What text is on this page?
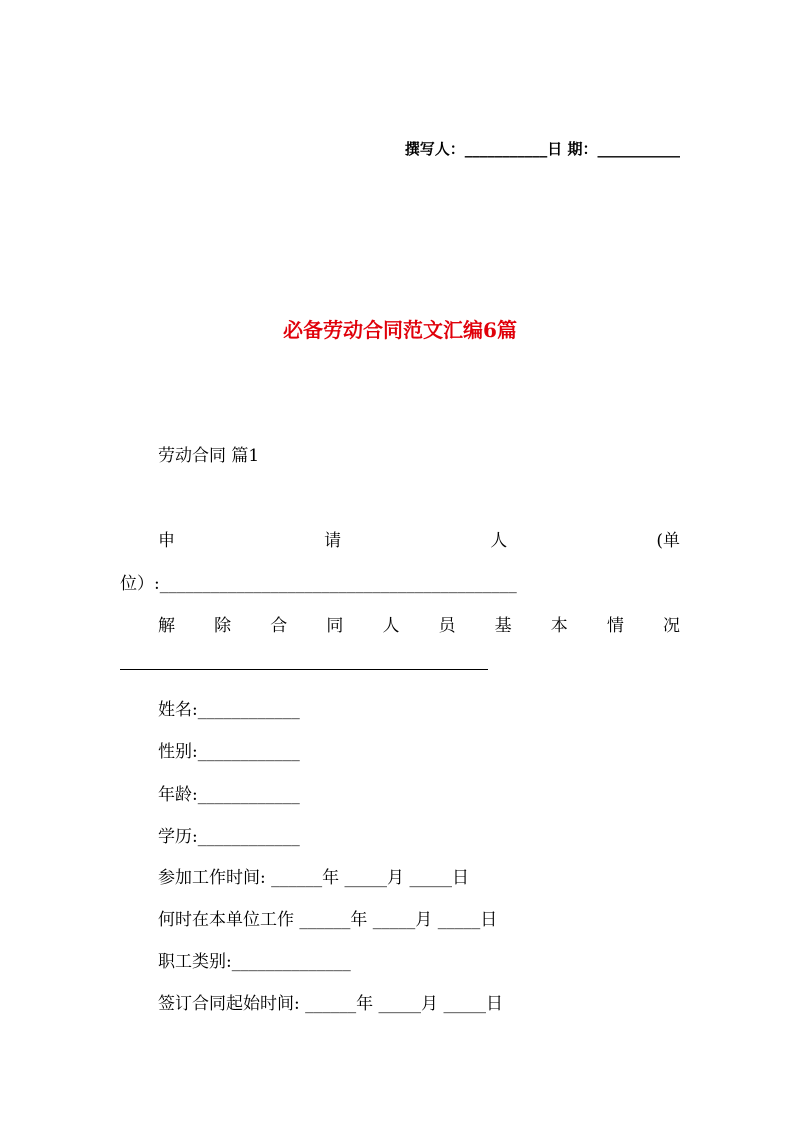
撰写人：___________日 期：___________
必备劳动合同范文汇编6篇
劳动合同 篇1
申	请	人	(单
位）:__________________________________________
解 除 合 同 人 员 基 本 情 况
姓名:____________
性别:____________
年龄:____________
学历:____________
参加工作时间: ______年 _____月 _____日
何时在本单位工作 ______年 _____月 _____日
职工类别:______________
签订合同起始时间: ______年 _____月 _____日
